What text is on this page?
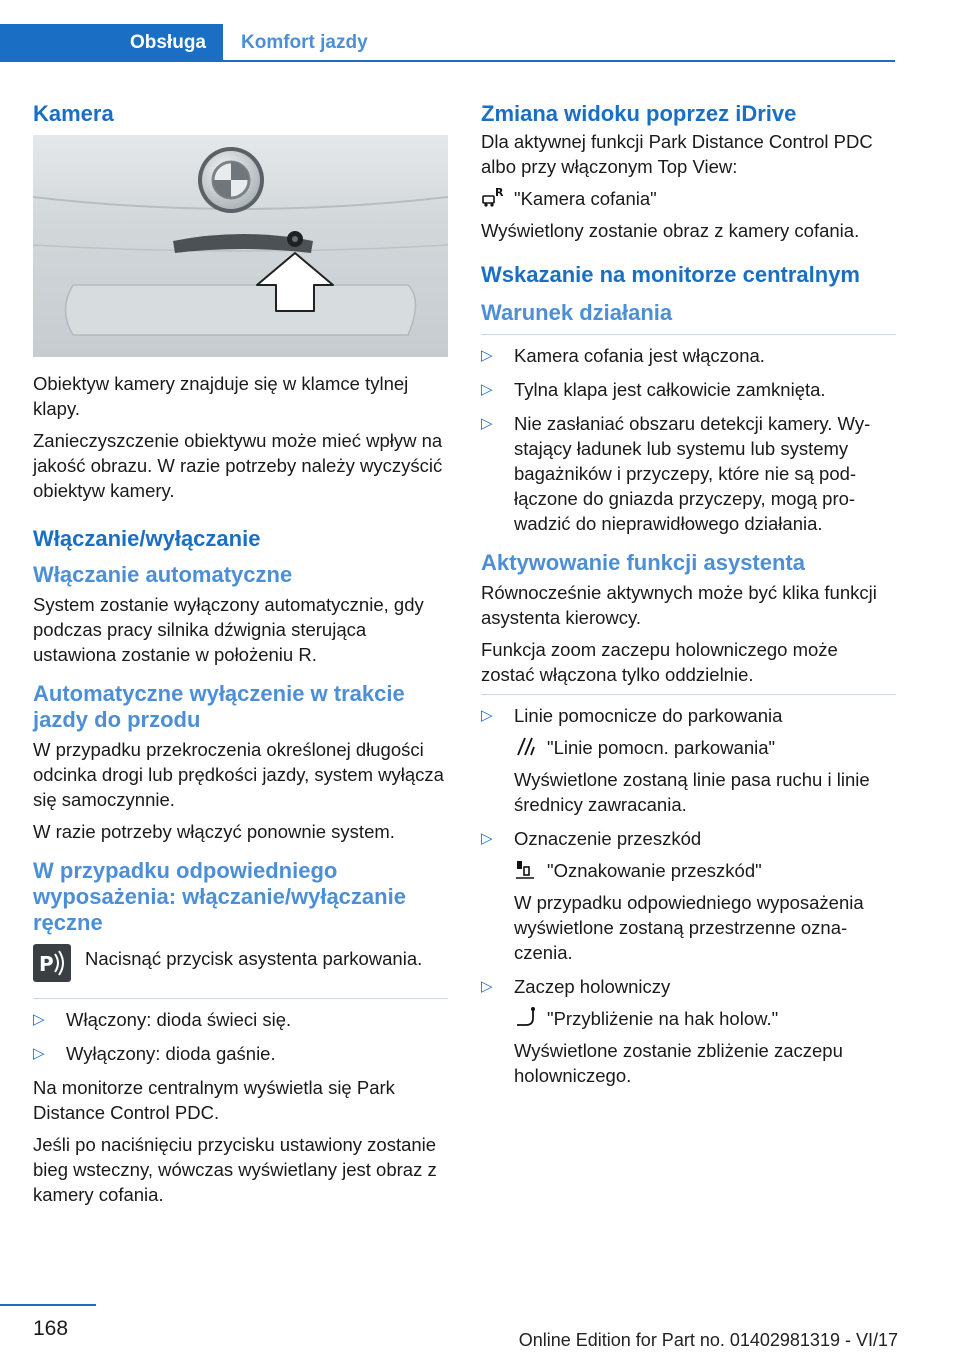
Obsługa	Komfort jazdy
Kamera

Obiektyw kamery znajduje się w klamce tylnej klapy.

Zanieczyszczenie obiektywu może mieć wpływ na jakość obrazu. W razie potrzeby należy wyczyścić obiektyw kamery.

Włączanie/wyłączanie
Włączanie automatyczne

System zostanie wyłączony automatycznie, gdy podczas pracy silnika dźwignia sterująca ustawiona zostanie w położeniu R.

Automatyczne wyłączenie w trakcie jazdy do przodu

W przypadku przekroczenia określonej długości odcinka drogi lub prędkości jazdy, system wyłącza się samoczynnie.

W razie potrzeby włączyć ponownie system.

W przypadku odpowiedniego wyposażenia: włączanie/wyłączanie ręczne
P Nacisnąć przycisk asystenta parkowania.

▷ Włączony: dioda świeci się.
▷ Wyłączony: dioda gaśnie.

Na monitorze centralnym wyświetla się Park Distance Control PDC.

Jeśli po naciśnięciu przycisku ustawiony zostanie bieg wsteczny, wówczas wyświetlany jest obraz z kamery cofania.

Zmiana widoku poprzez iDrive

Dla aktywnej funkcji Park Distance Control PDC albo przy włączonym Top View:

R "Kamera cofania"

Wyświetlony zostanie obraz z kamery cofania.

Wskazanie na monitorze centralnym
Warunek działania
▷ Kamera cofania jest włączona.
▷ Tylna klapa jest całkowicie zamknięta.
▷ Nie zasłaniać obszaru detekcji kamery. Wystający ładunek lub systemu lub systemy bagażników i przyczepy, które nie są podłączone do gniazda przyczepy, mogą prowadzić do nieprawidłowego działania.
Aktywowanie funkcji asystenta

Równocześnie aktywnych może być klika funkcji asystenta kierowcy.

Funkcja zoom zaczepu holowniczego może zostać włączona tylko oddzielnie.

▷ Linie pomocnicze do parkowania
"Linie pomocn. parkowania"
Wyświetlone zostaną linie pasa ruchu i linie średnicy zawracania.
▷ Oznaczenie przeszkód
"Oznakowanie przeszkód"
W przypadku odpowiedniego wyposażenia wyświetlone zostaną przestrzenne oznaczenia.
▷ Zaczep holowniczy
"Przybliżenie na hak holow."
Wyświetlone zostanie zbliżenie zaczepu holowniczego.
168	Online Edition for Part no. 01402981319 - VI/17
